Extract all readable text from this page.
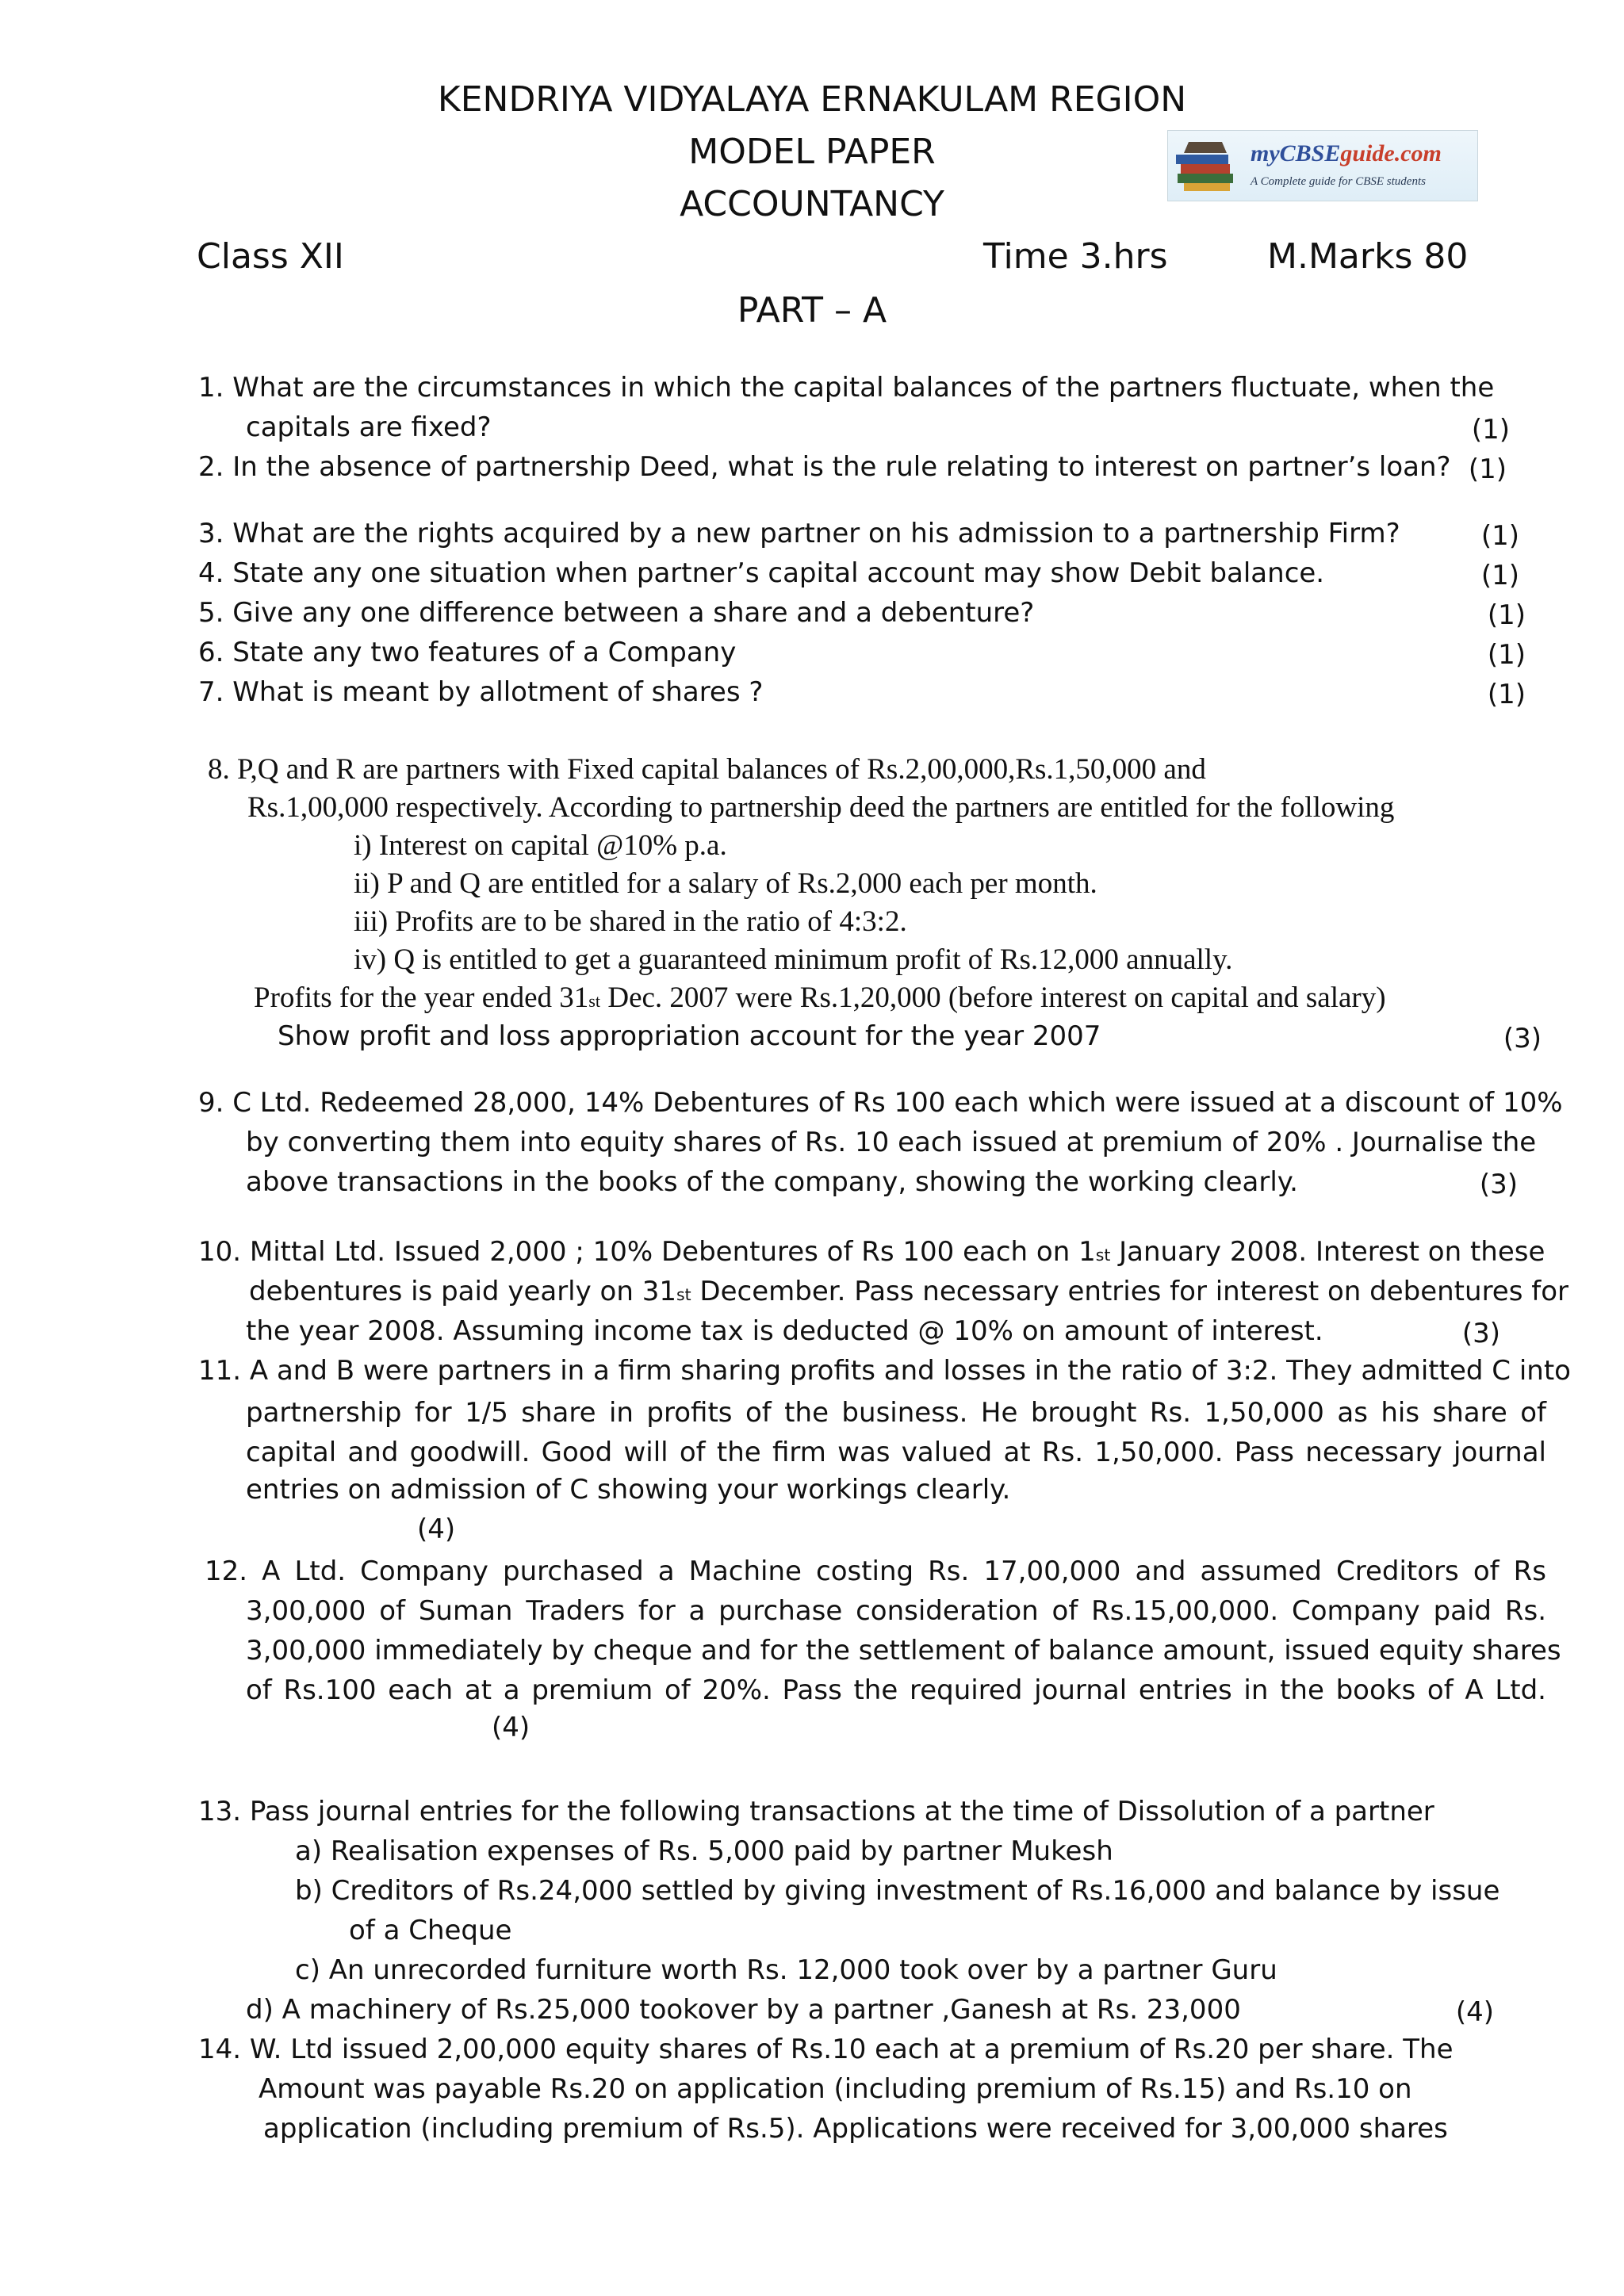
KENDRIYA VIDYALAYA ERNAKULAM REGION
MODEL PAPER
ACCOUNTANCY
myCBSEguide.com
A Complete guide for CBSE students
Class XII	Time 3.hrs	M.Marks 80
PART – A
1. What are the circumstances in which the capital balances of the partners fluctuate, when the
capitals are fixed?	(1)
2. In the absence of partnership Deed, what is the rule relating to interest on partner’s loan? (1)
3. What are the rights acquired by a new partner on his admission to a partnership Firm?	(1)
4. State any one situation when partner’s capital account may show Debit balance.	(1)
5. Give any one difference between a share and a debenture?	(1)
6. State any two features of a Company	(1)
7. What is meant by allotment of shares ?	(1)
8. P,Q and R are partners with Fixed capital balances of Rs.2,00,000,Rs.1,50,000 and
Rs.1,00,000 respectively. According to partnership deed the partners are entitled for the following
i) Interest on capital @10% p.a.
ii) P and Q are entitled for a salary of Rs.2,000 each per month.
iii) Profits are to be shared in the ratio of 4:3:2.
iv) Q is entitled to get a guaranteed minimum profit of Rs.12,000 annually.
Profits for the year ended 31st Dec. 2007 were Rs.1,20,000 (before interest on capital and salary)
Show profit and loss appropriation account for the year 2007	(3)
9. C Ltd. Redeemed 28,000, 14% Debentures of Rs 100 each which were issued at a discount of 10%
by converting them into equity shares of Rs. 10 each issued at premium of 20% . Journalise the
above transactions in the books of the company, showing the working clearly.	(3)
10. Mittal Ltd. Issued 2,000 ; 10% Debentures of Rs 100 each on 1st January 2008. Interest on these
debentures is paid yearly on 31st December. Pass necessary entries for interest on debentures for
the year 2008. Assuming income tax is deducted @ 10% on amount of interest.	(3)
11. A and B were partners in a firm sharing profits and losses in the ratio of 3:2. They admitted C into
partnership for 1/5 share in profits of the business. He brought Rs. 1,50,000 as his share of
capital and goodwill. Good will of the firm was valued at Rs. 1,50,000. Pass necessary journal
entries on admission of C showing your workings clearly.
(4)
12. A Ltd. Company purchased a Machine costing Rs. 17,00,000 and assumed Creditors of Rs
3,00,000 of Suman Traders for a purchase consideration of Rs.15,00,000. Company paid Rs.
3,00,000 immediately by cheque and for the settlement of balance amount, issued equity shares
of Rs.100 each at a premium of 20%. Pass the required journal entries in the books of A Ltd.
(4)
13. Pass journal entries for the following transactions at the time of Dissolution of a partner
a) Realisation expenses of Rs. 5,000 paid by partner Mukesh
b) Creditors of Rs.24,000 settled by giving investment of Rs.16,000 and balance by issue
of a Cheque
c) An unrecorded furniture worth Rs. 12,000 took over by a partner Guru
d) A machinery of Rs.25,000 tookover by a partner ,Ganesh at Rs. 23,000	(4)
14. W. Ltd issued 2,00,000 equity shares of Rs.10 each at a premium of Rs.20 per share. The
Amount was payable Rs.20 on application (including premium of Rs.15) and Rs.10 on
application (including premium of Rs.5). Applications were received for 3,00,000 shares
